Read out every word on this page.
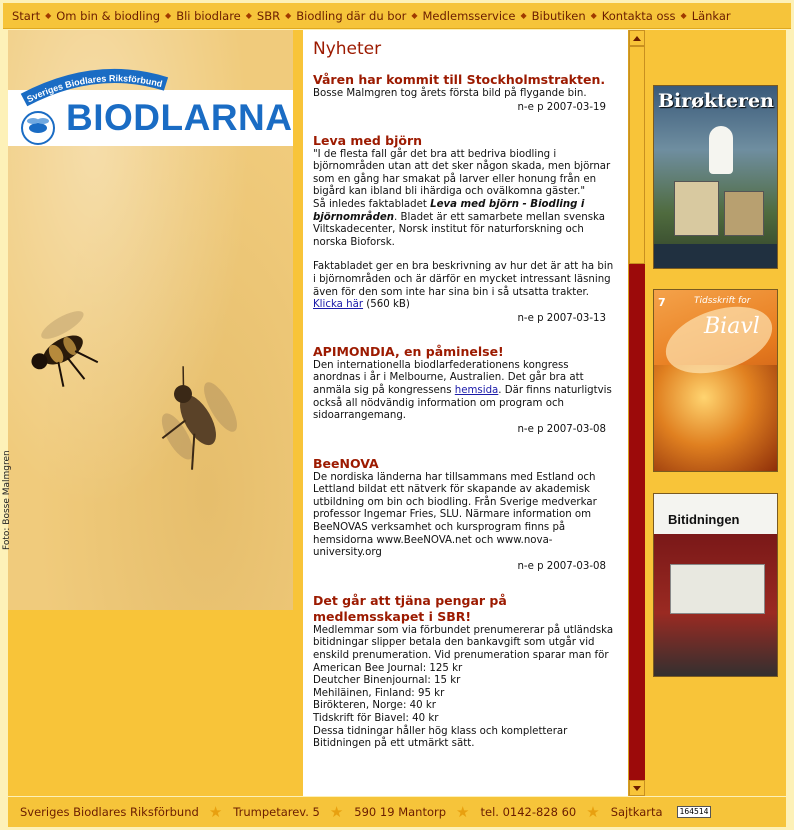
Start ◆ Om bin & biodling ◆ Bli biodlare ◆ SBR ◆ Biodling där du bor ◆ Medlemsservice ◆ Bibutiken ◆ Kontakta oss ◆ Länkar
Sveriges Biodlares Riksförbund
BIODLARNA
Foto: Bosse Malmgren
Nyheter
Våren har kommit till Stockholmstrakten.

Bosse Malmgren tog årets första bild på flygande bin.

n-e p 2007-03-19
Leva med björn

"I de flesta fall går det bra att bedriva biodling i björnområden utan att det sker någon skada, men björnar som en gång har smakat på larver eller honung från en bigård kan ibland bli ihärdiga och ovälkomna gäster."

Så inledes faktabladet Leva med björn - Biodling i björnområden. Bladet är ett samarbete mellan svenska Viltskadecenter, Norsk institut för naturforskning och norska Bioforsk.

Faktabladet ger en bra beskrivning av hur det är att ha bin i björnområden och är därför en mycket intressant läsning även för den som inte har sina bin i så utsatta trakter. Klicka här (560 kB)

n-e p 2007-03-13
APIMONDIA, en påminelse!

Den internationella biodlarfederationens kongress anordnas i år i Melbourne, Australien. Det går bra att anmäla sig på kongressens hemsida. Där finns naturligtvis också all nödvändig information om program och sidoarrangemang.

n-e p 2007-03-08
BeeNOVA

De nordiska länderna har tillsammans med Estland och Lettland bildat ett nätverk för skapande av akademisk utbildning om bin och biodling. Från Sverige medverkar professor Ingemar Fries, SLU. Närmare information om BeeNOVAS verksamhet och kursprogram finns på hemsidorna www.BeeNOVA.net och www.nova-university.org

n-e p 2007-03-08
Det går att tjäna pengar på medlemsskapet i SBR!

Medlemmar som via förbundet prenumererar på utländska bitidningar slipper betala den bankavgift som utgår vid enskild prenumeration. Vid prenumeration sparar man för

American Bee Journal: 125 kr

Deutcher Binenjournal: 15 kr

Mehiläinen, Finland: 95 kr

Birökteren, Norge: 40 kr

Tidskrift för Biavel: 40 kr

Dessa tidningar håller hög klass och kompletterar Bitidningen på ett utmärkt sätt.

Birøkteren
7	Tidsskrift for
Biavl
Bitidningen
Sveriges Biodlares Riksförbund ★ Trumpetarev. 5 ★ 590 19 Mantorp ★ tel. 0142-828 60 ★ Sajtkarta	164514
